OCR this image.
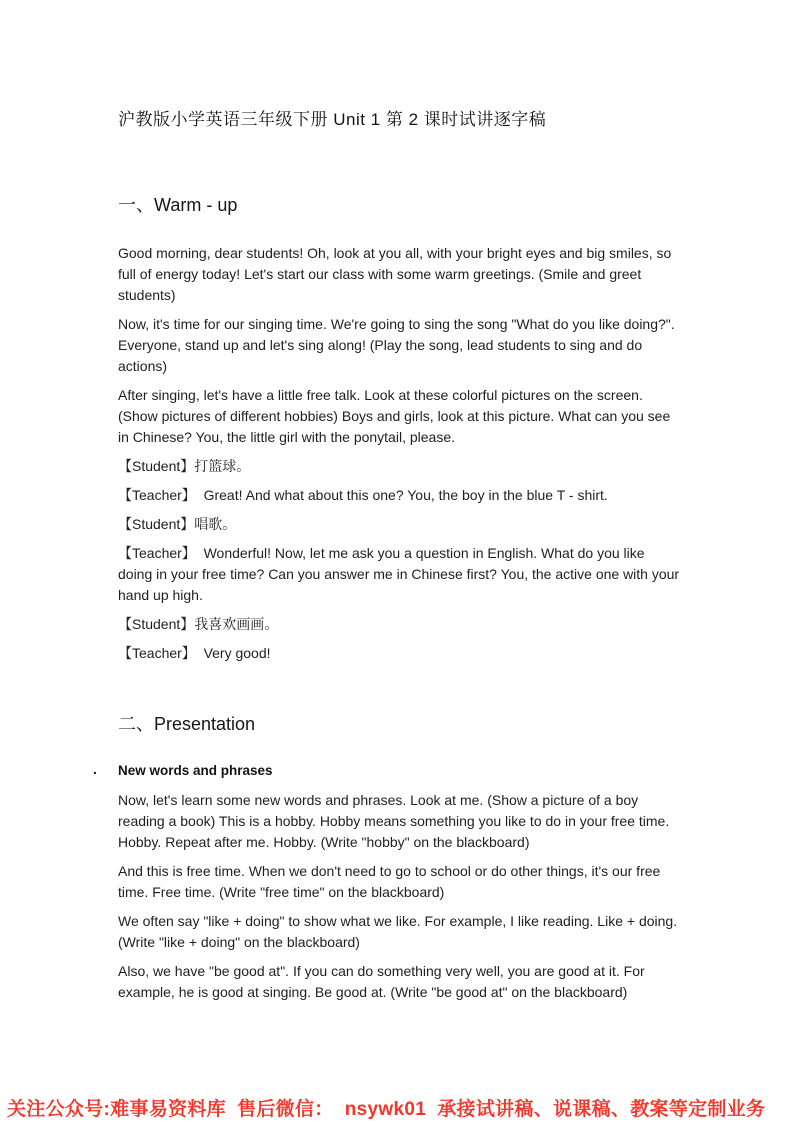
沪教版小学英语三年级下册 Unit 1 第 2 课时试讲逐字稿
一、Warm - up
Good morning, dear students! Oh, look at you all, with your bright eyes and big smiles, so full of energy today! Let's start our class with some warm greetings. (Smile and greet students)
Now, it's time for our singing time. We're going to sing the song "What do you like doing?". Everyone, stand up and let's sing along! (Play the song, lead students to sing and do actions)
After singing, let's have a little free talk. Look at these colorful pictures on the screen. (Show pictures of different hobbies) Boys and girls, look at this picture. What can you see in Chinese? You, the little girl with the ponytail, please.
【Student】打篮球。
【Teacher】  Great! And what about this one? You, the boy in the blue T - shirt.
【Student】唱歌。
【Teacher】  Wonderful! Now, let me ask you a question in English. What do you like doing in your free time? Can you answer me in Chinese first? You, the active one with your hand up high.
【Student】我喜欢画画。
【Teacher】  Very good!
二、Presentation
. New words and phrases
Now, let's learn some new words and phrases. Look at me. (Show a picture of a boy reading a book) This is a hobby. Hobby means something you like to do in your free time. Hobby. Repeat after me. Hobby. (Write "hobby" on the blackboard)
And this is free time. When we don't need to go to school or do other things, it's our free time. Free time. (Write "free time" on the blackboard)
We often say "like + doing" to show what we like. For example, I like reading. Like + doing. (Write "like + doing" on the blackboard)
Also, we have "be good at". If you can do something very well, you are good at it. For example, he is good at singing. Be good at. (Write "be good at" on the blackboard)
关注公众号:难事易资料库  售后微信：  nsywk01  承接试讲稿、说课稿、教案等定制业务
